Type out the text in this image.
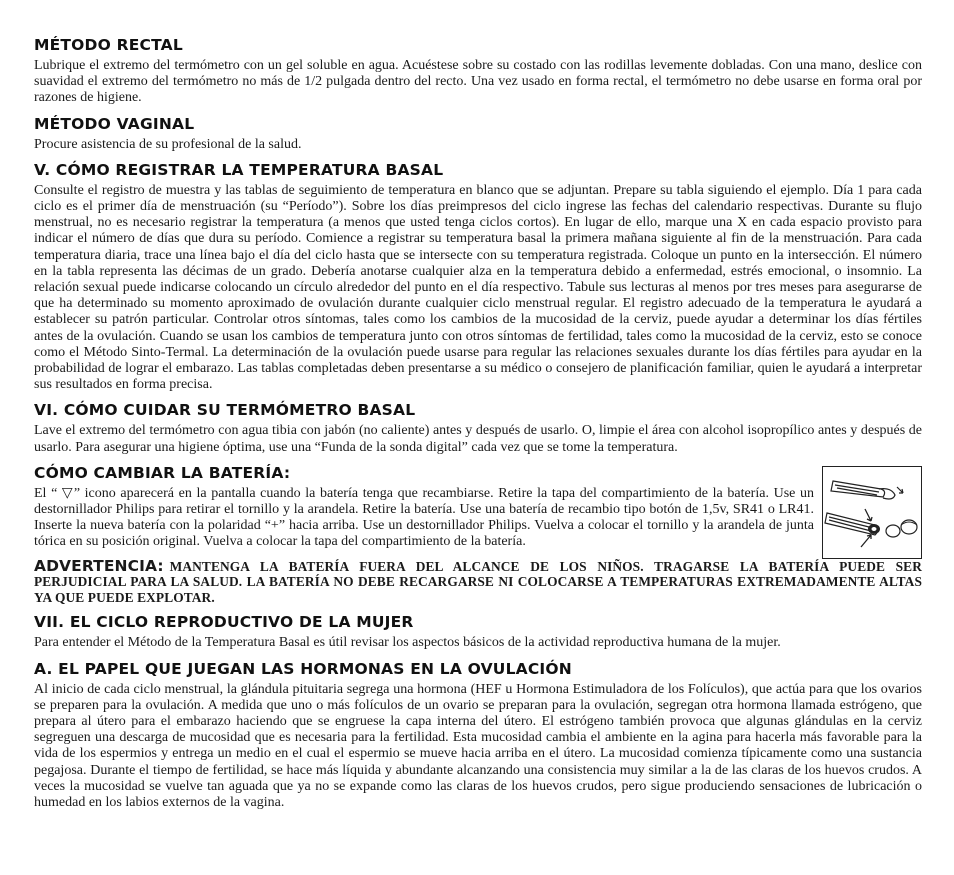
MÉTODO RECTAL

Lubrique el extremo del termómetro con un gel soluble en agua. Acuéstese sobre su costado con las rodillas levemente dobladas. Con una mano, deslice con suavidad el extremo del termómetro no más de 1/2 pulgada dentro del recto. Una vez usado en forma rectal, el termómetro no debe usarse en forma oral por razones de higiene.

MÉTODO VAGINAL

Procure asistencia de su profesional de la salud.

V. CÓMO REGISTRAR LA TEMPERATURA BASAL

Consulte el registro de muestra y las tablas de seguimiento de temperatura en blanco que se adjuntan. Prepare su tabla siguiendo el ejemplo. Día 1 para cada ciclo es el primer día de menstruación (su “Período”). Sobre los días preimpresos del ciclo ingrese las fechas del calendario respectivas. Durante su flujo menstrual, no es necesario registrar la temperatura (a menos que usted tenga ciclos cortos). En lugar de ello, marque una X en cada espacio provisto para indicar el número de días que dura su período. Comience a registrar su temperatura basal la primera mañana siguiente al fin de la menstruación. Para cada temperatura diaria, trace una línea bajo el día del ciclo hasta que se intersecte con su temperatura registrada. Coloque un punto en la intersección. El número en la tabla representa las décimas de un grado. Debería anotarse cualquier alza en la temperatura debido a enfermedad, estrés emocional, o insomnio. La relación sexual puede indicarse colocando un círculo alrededor del punto en el día respectivo. Tabule sus lecturas al menos por tres meses para asegurarse de que ha determinado su momento aproximado de ovulación durante cualquier ciclo menstrual regular. El registro adecuado de la temperatura le ayudará a establecer su patrón particular. Controlar otros síntomas, tales como los cambios de la mucosidad de la cerviz, puede ayudar a determinar los días fértiles antes de la ovulación. Cuando se usan los cambios de temperatura junto con otros síntomas de fertilidad, tales como la mucosidad de la cerviz, esto se conoce como el Método Sinto-Termal. La determinación de la ovulación puede usarse para regular las relaciones sexuales durante los días fértiles para ayudar en la probabilidad de lograr el embarazo. Las tablas completadas deben presentarse a su médico o consejero de planificación familiar, quien le ayudará a interpretar sus resultados en forma precisa.

VI. CÓMO CUIDAR SU TERMÓMETRO BASAL

Lave el extremo del termómetro con agua tibia con jabón (no caliente) antes y después de usarlo. O, limpie el área con alcohol isopropílico antes y después de usarlo. Para asegurar una higiene óptima, use una “Funda de la sonda digital” cada vez que se tome la temperatura.

CÓMO CAMBIAR LA BATERÍA:

El “ ▽” icono aparecerá en la pantalla cuando la batería tenga que recambiarse. Retire la tapa del compartimiento de la batería. Use un destornillador Philips para retirar el tornillo y la arandela. Retire la batería. Use una batería de recambio tipo botón de 1,5v, SR41 o LR41. Inserte la nueva batería con la polaridad “+” hacia arriba. Use un destornillador Philips. Vuelva a colocar el tornillo y la arandela de junta tórica en su posición original. Vuelva a colocar la tapa del compartimiento de la batería.

ADVERTENCIA: MANTENGA LA BATERÍA FUERA DEL ALCANCE DE LOS NIÑOS. TRAGARSE LA BATERÍA PUEDE SER PERJUDICIAL PARA LA SALUD. LA BATERÍA NO DEBE RECARGARSE NI COLOCARSE A TEMPERATURAS EXTREMADAMENTE ALTAS YA QUE PUEDE EXPLOTAR.

VII. EL CICLO REPRODUCTIVO DE LA MUJER

Para entender el Método de la Temperatura Basal es útil revisar los aspectos básicos de la actividad reproductiva humana de la mujer.

A. EL PAPEL QUE JUEGAN LAS HORMONAS EN LA OVULACIÓN

Al inicio de cada ciclo menstrual, la glándula pituitaria segrega una hormona (HEF u Hormona Estimuladora de los Folículos), que actúa para que los ovarios se preparen para la ovulación. A medida que uno o más folículos de un ovario se preparan para la ovulación, segregan otra hormona llamada estrógeno, que prepara al útero para el embarazo haciendo que se engruese la capa interna del útero. El estrógeno también provoca que algunas glándulas en la cerviz segreguen una descarga de mucosidad que es necesaria para la fertilidad. Esta mucosidad cambia el ambiente en la agina para hacerla más favorable para la vida de los espermios y entrega un medio en el cual el espermio se mueve hacia arriba en el útero. La mucosidad comienza típicamente como una sustancia pegajosa. Durante el tiempo de fertilidad, se hace más líquida y abundante alcanzando una consistencia muy similar a la de las claras de los huevos crudos. A veces la mucosidad se vuelve tan aguada que ya no se expande como las claras de los huevos crudos, pero sigue produciendo sensaciones de lubricación o humedad en los labios externos de la vagina.
